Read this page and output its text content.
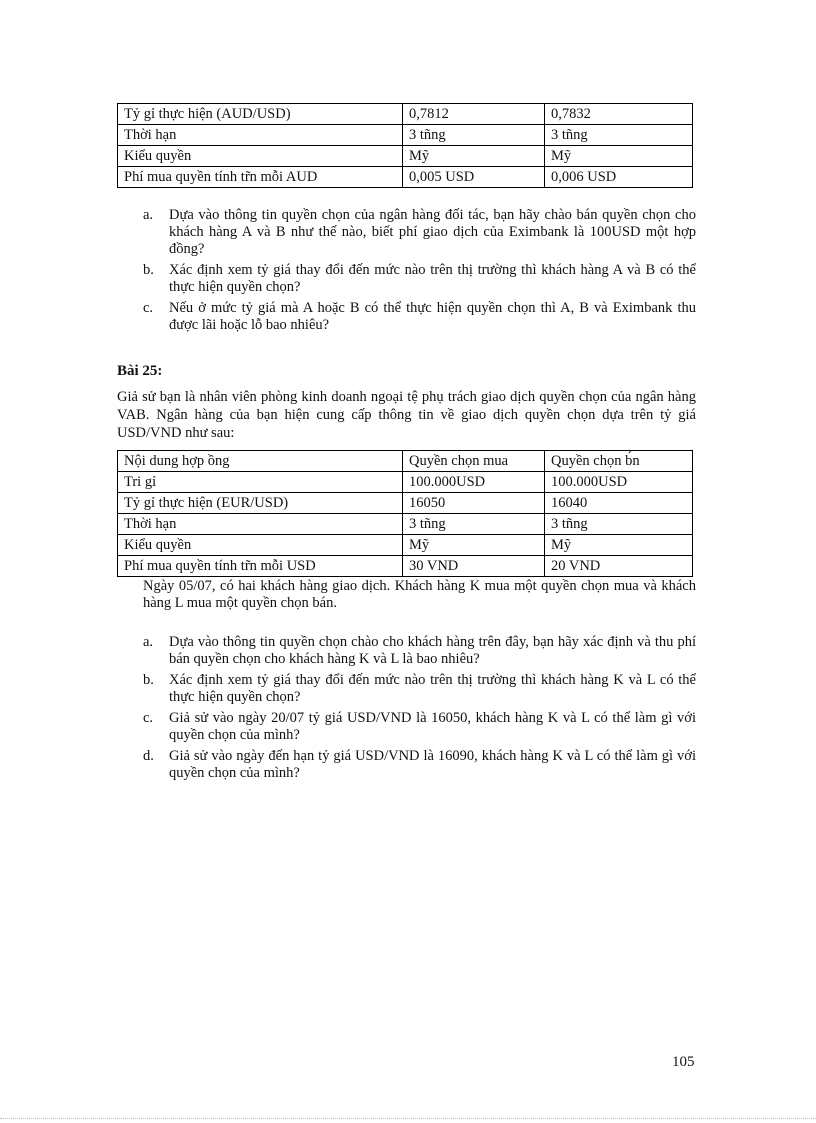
Tỷ gỉ thực hiện (AUD/USD)	0,7812	0,7832
Thời hạn	3 tñng	3 tñng
Kiểu quyền	Mỹ	Mỹ
Phí mua quyền tính tr̃n mỗi AUD	0,005 USD	0,006 USD
a. Dựa vào thông tin quyền chọn của ngân hàng đối tác, bạn hãy chào bán quyền chọn cho khách hàng A và B như thế nào, biết phí giao dịch của Eximbank là 100USD một hợp đồng?
b. Xác định xem tỷ giá thay đổi đến mức nào trên thị trường thì khách hàng A và B có thể thực hiện quyền chọn?
c. Nếu ở mức tỷ giá mà A hoặc B có thể thực hiện quyền chọn thì A, B và Eximbank thu được lãi hoặc lỗ bao nhiêu?
Bài 25:
Giả sử bạn là nhân viên phòng kinh doanh ngoại tệ phụ trách giao dịch quyền chọn của ngân hàng VAB. Ngân hàng của bạn hiện cung cấp thông tin về giao dịch quyền chọn dựa trên tỷ giá USD/VND như sau:
Nội dung hợp ồng	Quyền chọn mua	Quyền chọn b́n
Tri gỉ	100.000USD	100.000USD
Tỷ gỉ thực hiện (EUR/USD)	16050	16040
Thời hạn	3 tñng	3 tñng
Kiểu quyền	Mỹ	Mỹ
Phí mua quyền tính tr̃n mỗi USD	30 VND	20 VND
Ngày 05/07, có hai khách hàng giao dịch. Khách hàng K mua một quyền chọn mua và khách hàng L mua một quyền chọn bán.
a. Dựa vào thông tin quyền chọn chào cho khách hàng trên đây, bạn hãy xác định và thu phí bán quyền chọn cho khách hàng K và L là bao nhiêu?
b. Xác định xem tỷ giá thay đổi đến mức nào trên thị trường thì khách hàng K và L có thể thực hiện quyền chọn?
c. Giả sử vào ngày 20/07 tỷ giá USD/VND là 16050, khách hàng K và L có thể làm gì với quyền chọn của mình?
d. Giả sử vào ngày đến hạn tỷ giá USD/VND là 16090, khách hàng K và L có thể làm gì với quyền chọn của mình?
105
